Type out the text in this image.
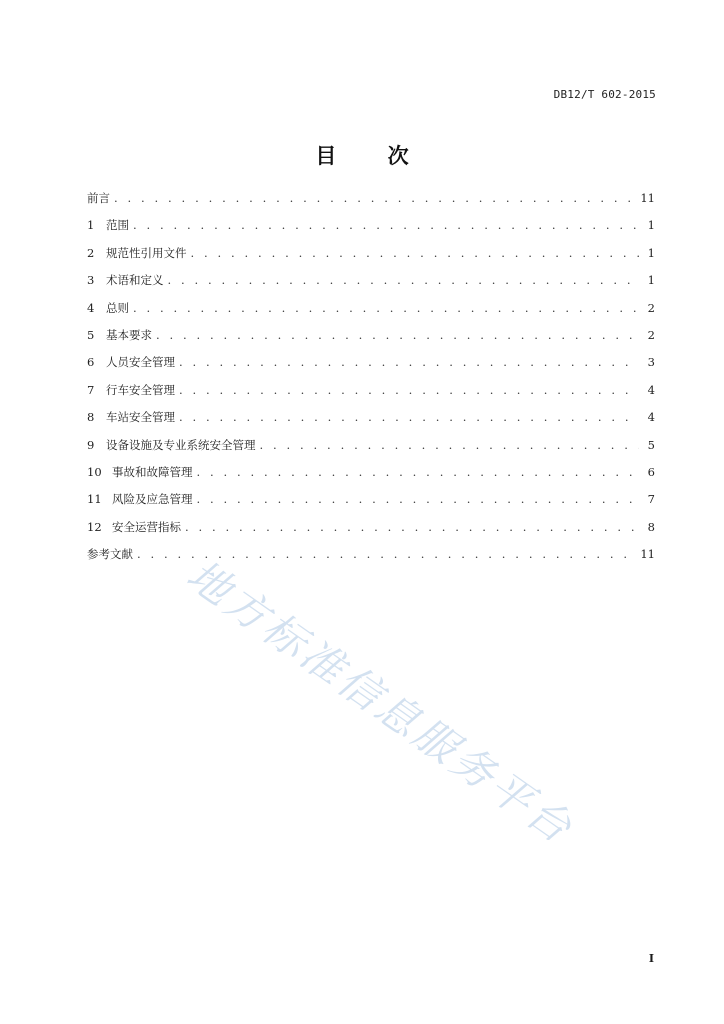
DB12/T 602-2015
目 次
前言 . . .	11
1	范围 . . .	1
2	规范性引用文件 . . .	1
3	术语和定义 . . .	1
4	总则 . . .	2
5	基本要求 . . .	2
6	人员安全管理 . . .	3
7	行车安全管理 . . .	4
8	车站安全管理 . . .	4
9	设备设施及专业系统安全管理 . . .	5
10 事故和故障管理 . . .	6
11 风险及应急管理 . . .	7
12 安全运营指标 . . .	8
参考文献 . . .	11
地方标准信息服务平台
I
